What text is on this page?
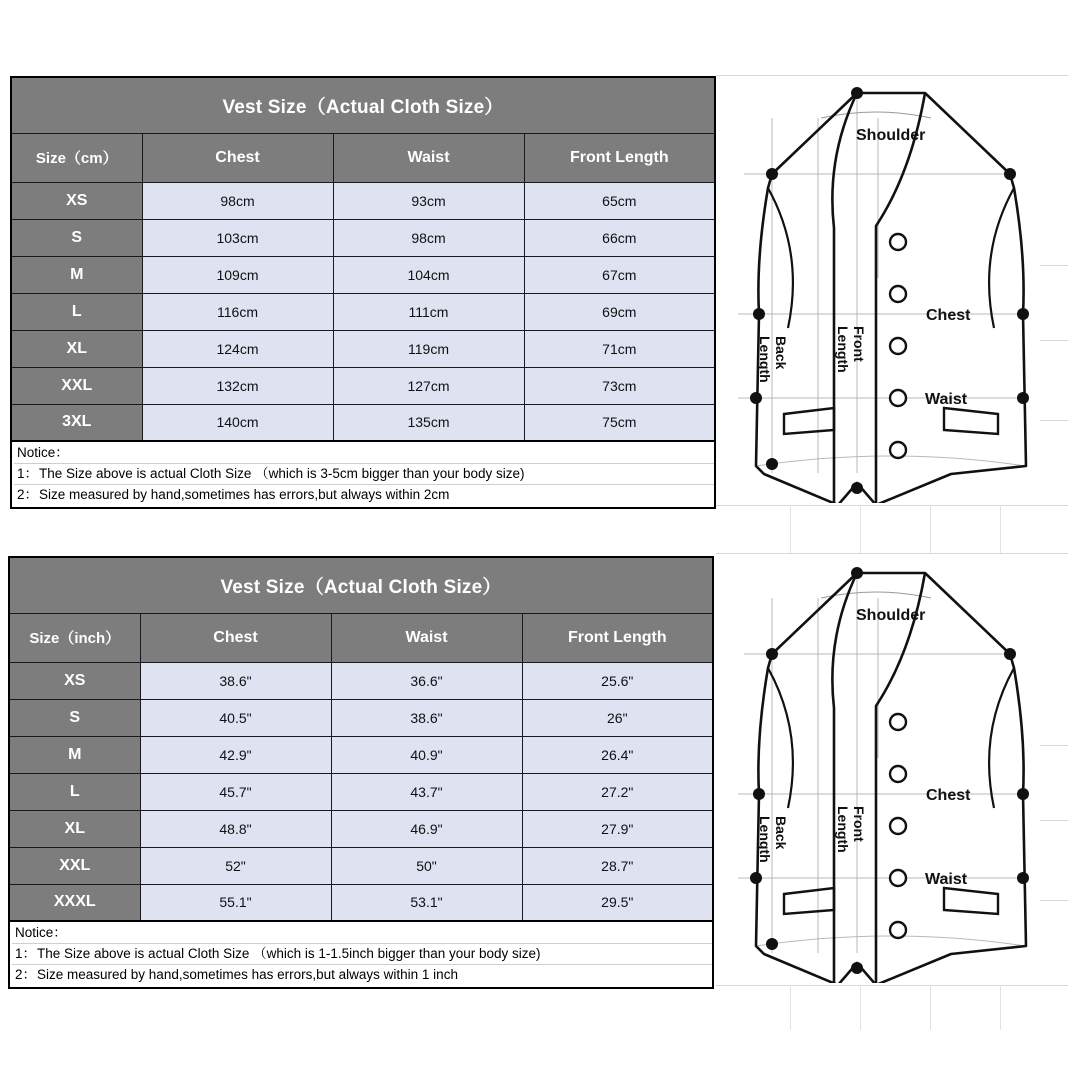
Vest Size（Actual Cloth Size）			
Size（cm）	Chest	Waist	Front Length
XS	98cm	93cm	65cm
S	103cm	98cm	66cm
M	109cm	104cm	67cm
L	116cm	111cm	69cm
XL	124cm	119cm	71cm
XXL	132cm	127cm	73cm
3XL	140cm	135cm	75cm
Notice：
1：The Size above is actual Cloth Size （which is 3-5cm bigger than your body size)
2：Size measured by hand,sometimes has errors,but always within 2cm
Shoulder
Chest
Waist
Back
Length	Front
Length
Vest Size（Actual Cloth Size）			
Size（inch）	Chest	Waist	Front Length
XS	38.6"	36.6"	25.6"
S	40.5"	38.6"	26"
M	42.9"	40.9"	26.4"
L	45.7"	43.7"	27.2"
XL	48.8"	46.9"	27.9"
XXL	52"	50"	28.7"
XXXL	55.1"	53.1"	29.5"
Notice：
1：The Size above is actual Cloth Size （which is 1-1.5inch bigger than your body size)
2：Size measured by hand,sometimes has errors,but always within 1 inch
Shoulder
Chest
Waist
Back
Length	Front
Length
